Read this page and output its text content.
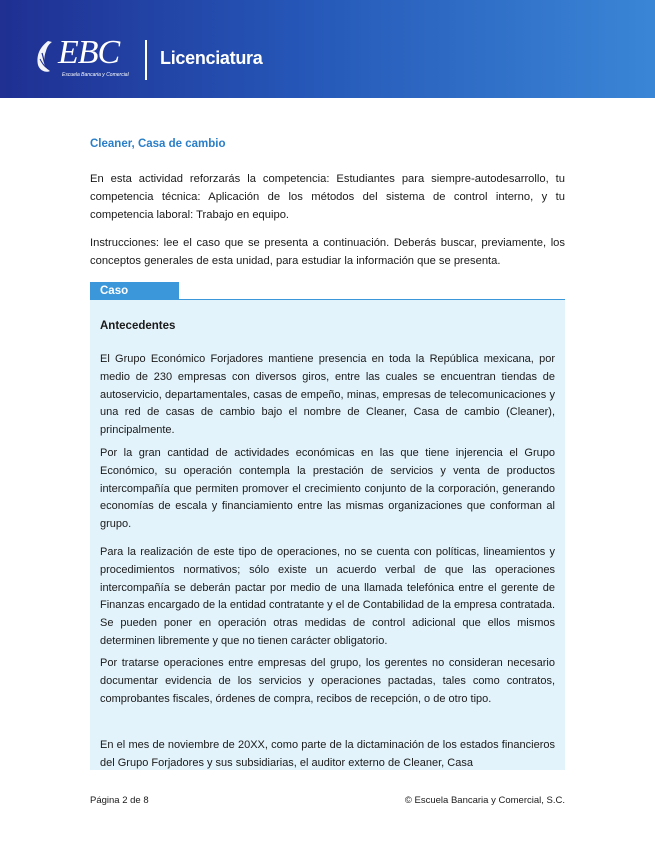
EBC
Escuela Bancaria y Comercial
Licenciatura
Cleaner, Casa de cambio

En esta actividad reforzarás la competencia: Estudiantes para siempre-autodesarrollo, tu competencia técnica: Aplicación de los métodos del sistema de control interno, y tu competencia laboral: Trabajo en equipo.

Instrucciones: lee el caso que se presenta a continuación. Deberás buscar, previamente, los conceptos generales de esta unidad, para estudiar la información que se presenta.

Caso
Antecedentes

El Grupo Económico Forjadores mantiene presencia en toda la República mexicana, por medio de 230 empresas con diversos giros, entre las cuales se encuentran tiendas de autoservicio, departamentales, casas de empeño, minas, empresas de telecomunicaciones y una red de casas de cambio bajo el nombre de Cleaner, Casa de cambio (Cleaner), principalmente.

Por la gran cantidad de actividades económicas en las que tiene injerencia el Grupo Económico, su operación contempla la prestación de servicios y venta de productos intercompañía que permiten promover el crecimiento conjunto de la corporación, generando economías de escala y financiamiento entre las mismas organizaciones que conforman al grupo.

Para la realización de este tipo de operaciones, no se cuenta con políticas, lineamientos y procedimientos normativos; sólo existe un acuerdo verbal de que las operaciones intercompañía se deberán pactar por medio de una llamada telefónica entre el gerente de Finanzas encargado de la entidad contratante y el de Contabilidad de la empresa contratada. Se pueden poner en operación otras medidas de control adicional que ellos mismos determinen libremente y que no tienen carácter obligatorio.

Por tratarse operaciones entre empresas del grupo, los gerentes no consideran necesario documentar evidencia de los servicios y operaciones pactadas, tales como contratos, comprobantes fiscales, órdenes de compra, recibos de recepción, o de otro tipo.

En el mes de noviembre de 20XX, como parte de la dictaminación de los estados financieros del Grupo Forjadores y sus subsidiarias, el auditor externo de Cleaner, Casa

Página 2 de 8	© Escuela Bancaria y Comercial, S.C.
